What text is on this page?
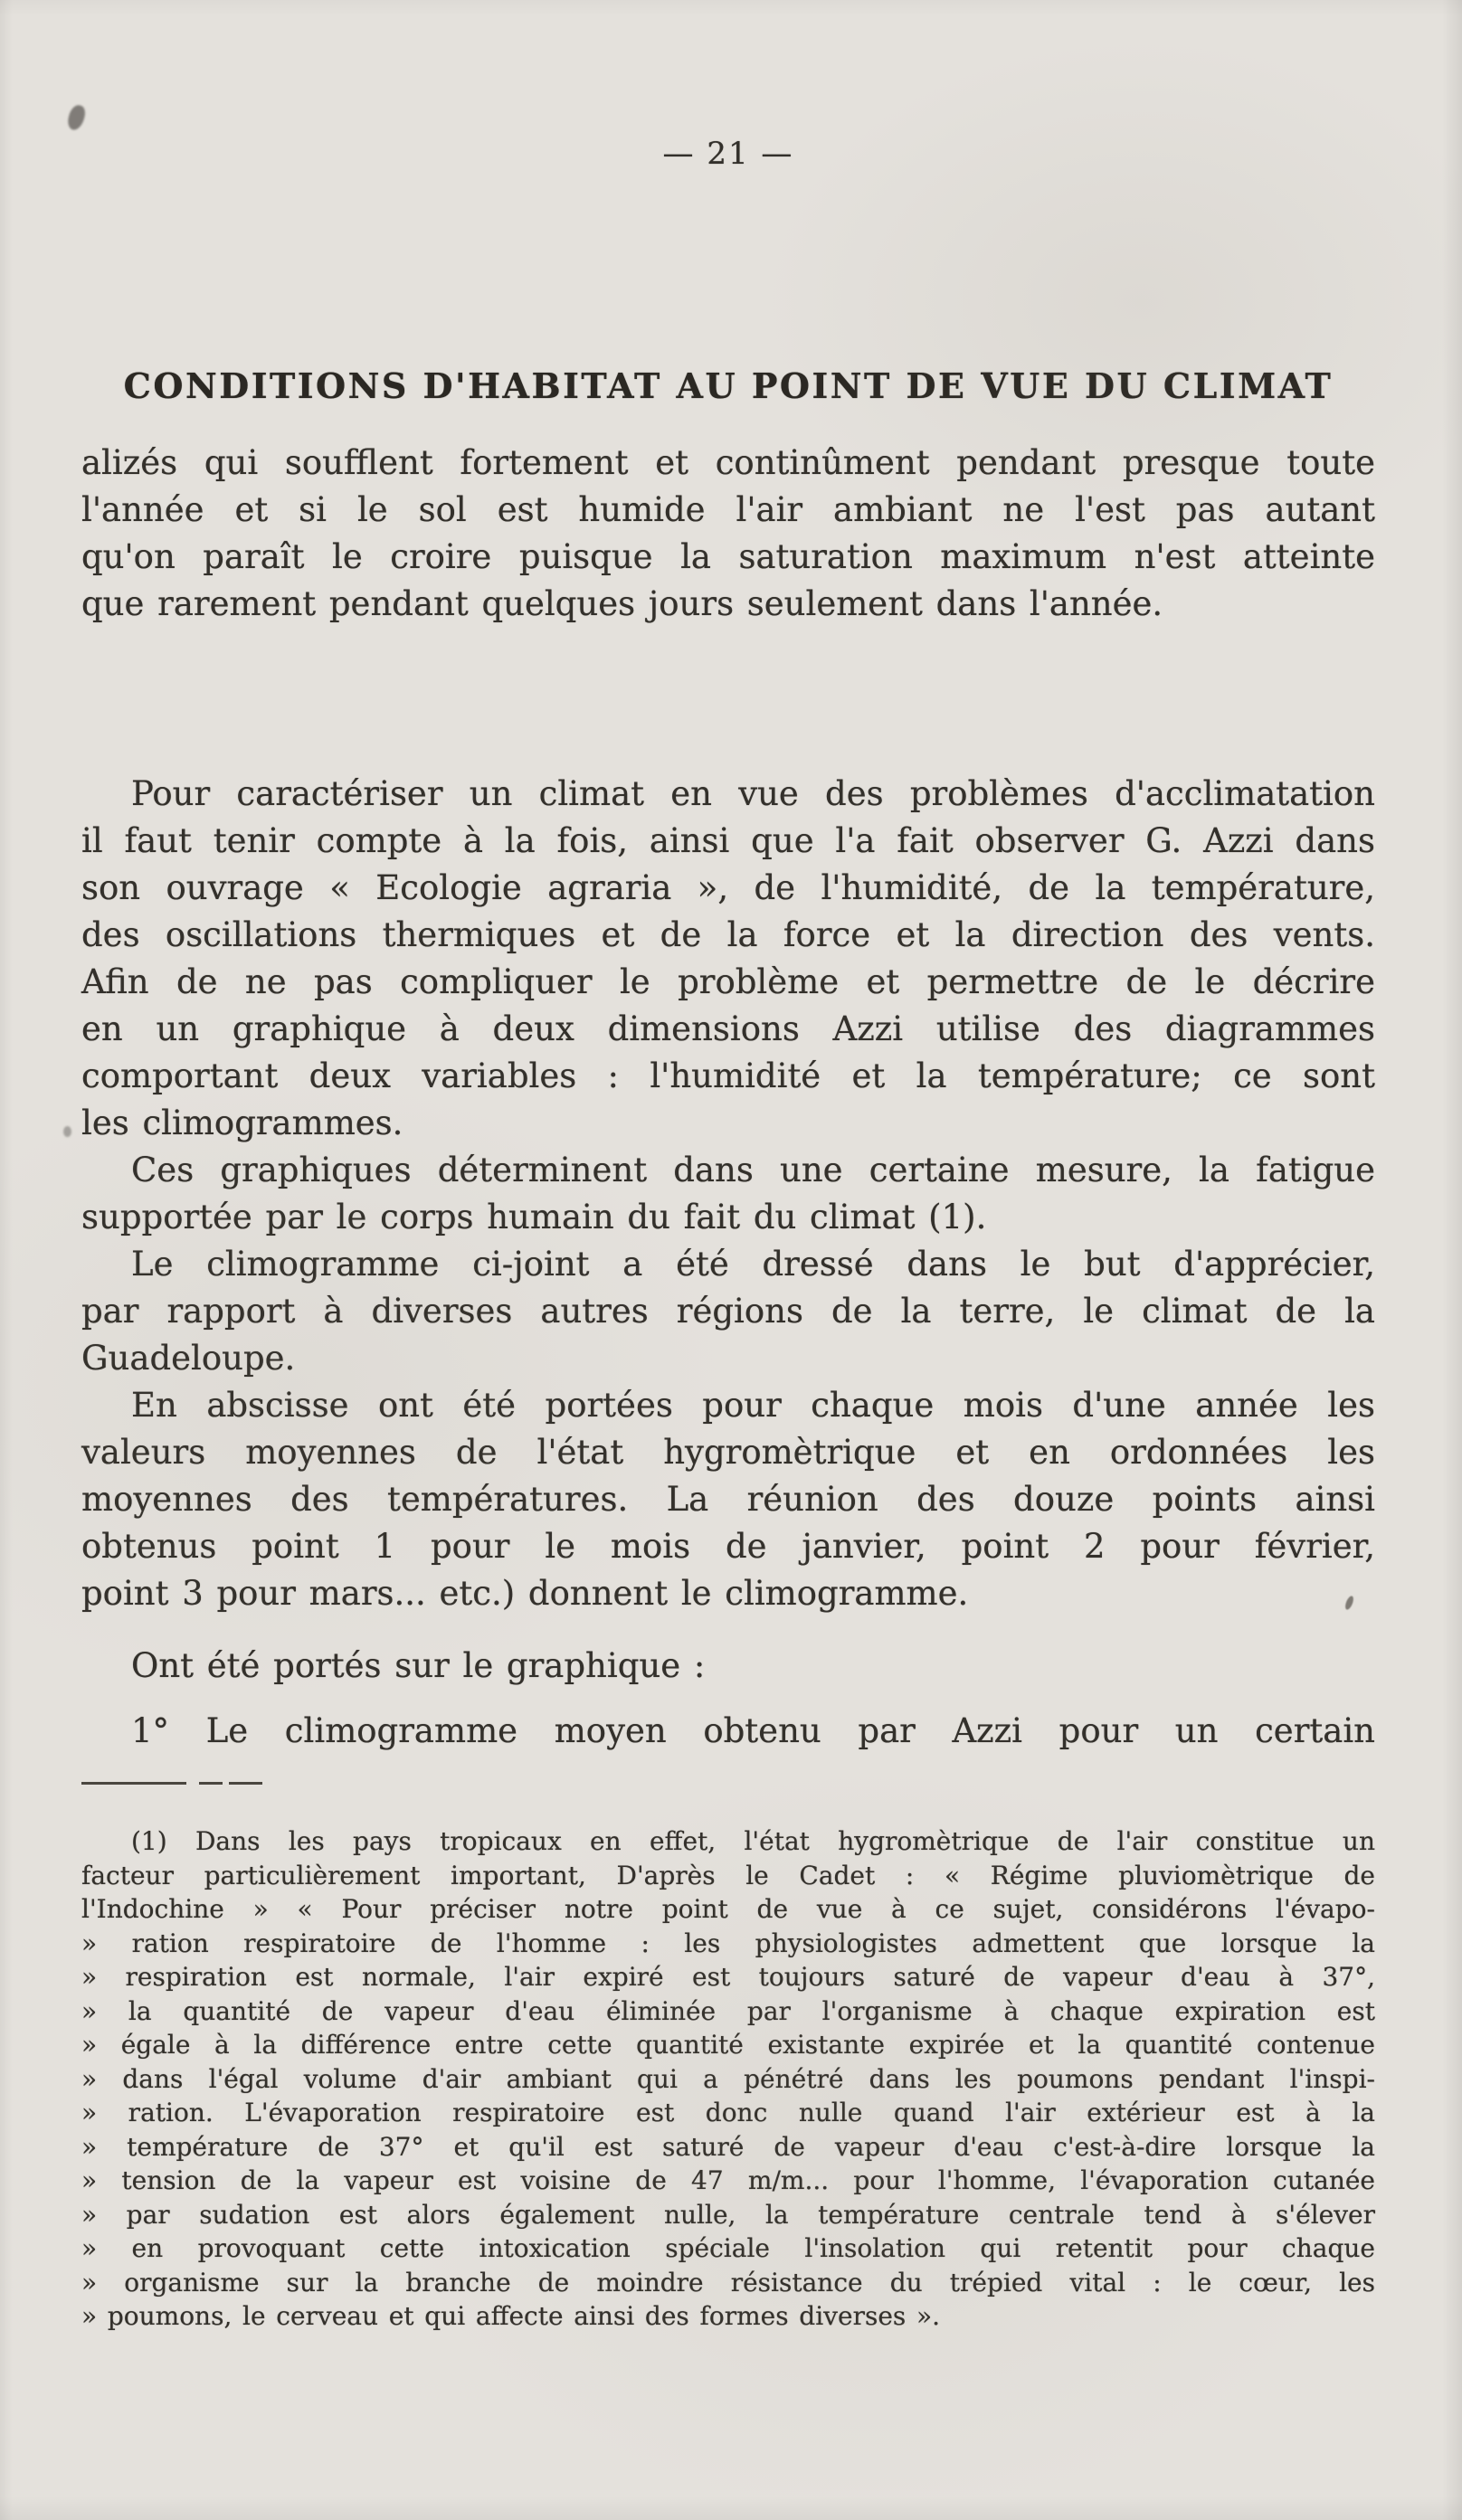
— 21 —
CONDITIONS D'HABITAT AU POINT DE VUE DU CLIMAT
alizés qui soufflent fortement et continûment pendant presque toute
l'année et si le sol est humide l'air ambiant ne l'est pas autant
qu'on paraît le croire puisque la saturation maximum n'est atteinte
que rarement pendant quelques jours seulement dans l'année.
Pour caractériser un climat en vue des problèmes d'acclimatation
il faut tenir compte à la fois, ainsi que l'a fait observer G. Azzi dans
son ouvrage « Ecologie agraria », de l'humidité, de la température,
des oscillations thermiques et de la force et la direction des vents.
Afin de ne pas compliquer le problème et permettre de le décrire
en un graphique à deux dimensions Azzi utilise des diagrammes
comportant deux variables : l'humidité et la température; ce sont
les climogrammes.
Ces graphiques déterminent dans une certaine mesure, la fatigue
supportée par le corps humain du fait du climat (1).
Le climogramme ci-joint a été dressé dans le but d'apprécier,
par rapport à diverses autres régions de la terre, le climat de la
Guadeloupe.
En abscisse ont été portées pour chaque mois d'une année les
valeurs moyennes de l'état hygromètrique et en ordonnées les
moyennes des températures. La réunion des douze points ainsi
obtenus point 1 pour le mois de janvier, point 2 pour février,
point 3 pour mars... etc.) donnent le climogramme.
Ont été portés sur le graphique :
1° Le climogramme moyen obtenu par Azzi pour un certain
(1) Dans les pays tropicaux en effet, l'état hygromètrique de l'air constitue un
facteur particulièrement important, D'après le Cadet : « Régime pluviomètrique de
l'Indochine » « Pour préciser notre point de vue à ce sujet, considérons l'évapo-
» ration respiratoire de l'homme : les physiologistes admettent que lorsque la
» respiration est normale, l'air expiré est toujours saturé de vapeur d'eau à 37°,
» la quantité de vapeur d'eau éliminée par l'organisme à chaque expiration est
» égale à la différence entre cette quantité existante expirée et la quantité contenue
» dans l'égal volume d'air ambiant qui a pénétré dans les poumons pendant l'inspi-
» ration. L'évaporation respiratoire est donc nulle quand l'air extérieur est à la
» température de 37° et qu'il est saturé de vapeur d'eau c'est-à-dire lorsque la
» tension de la vapeur est voisine de 47 m/m... pour l'homme, l'évaporation cutanée
» par sudation est alors également nulle, la température centrale tend à s'élever
» en provoquant cette intoxication spéciale l'insolation qui retentit pour chaque
» organisme sur la branche de moindre résistance du trépied vital : le cœur, les
» poumons, le cerveau et qui affecte ainsi des formes diverses ».
